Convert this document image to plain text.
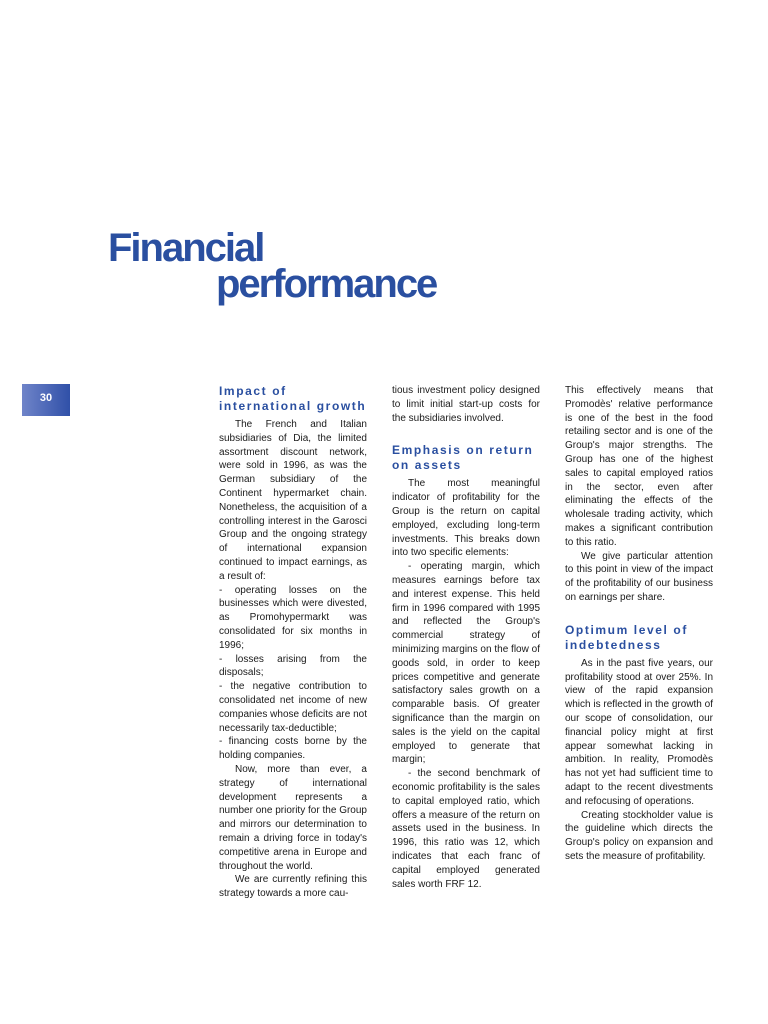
Financial
performance
30	Impact of international growth

The French and Italian subsidiaries of Dia, the limited assortment discount network, were sold in 1996, as was the German subsidiary of the Continent hypermarket chain. Nonetheless, the acquisition of a controlling interest in the Garosci Group and the ongoing strategy of international expansion continued to impact earnings, as a result of:

- operating losses on the businesses which were divested, as Promohypermarkt was consolidated for six months in 1996;

- losses arising from the disposals;

- the negative contribution to consolidated net income of new companies whose deficits are not necessarily tax-deductible;

- financing costs borne by the holding companies.

Now, more than ever, a strategy of international development represents a number one priority for the Group and mirrors our determination to remain a driving force in today's competitive arena in Europe and throughout the world.

We are currently refining this strategy towards a more cau-

tious investment policy designed to limit initial start-up costs for the subsidiaries involved.

Emphasis on return on assets

The most meaningful indicator of profitability for the Group is the return on capital employed, excluding long-term investments. This breaks down into two specific elements:

- operating margin, which measures earnings before tax and interest expense. This held firm in 1996 compared with 1995 and reflected the Group's commercial strategy of minimizing margins on the flow of goods sold, in order to keep prices competitive and generate satisfactory sales growth on a comparable basis. Of greater significance than the margin on sales is the yield on the capital employed to generate that margin;

- the second benchmark of economic profitability is the sales to capital employed ratio, which offers a measure of the return on assets used in the business. In 1996, this ratio was 12, which indicates that each franc of capital employed generated sales worth FRF 12.

This effectively means that Promodès' relative performance is one of the best in the food retailing sector and is one of the Group's major strengths. The Group has one of the highest sales to capital employed ratios in the sector, even after eliminating the effects of the wholesale trading activity, which makes a significant contribution to this ratio.

We give particular attention to this point in view of the impact of the profitability of our business on earnings per share.

Optimum level of indebtedness

As in the past five years, our profitability stood at over 25%. In view of the rapid expansion which is reflected in the growth of our scope of consolidation, our financial policy might at first appear somewhat lacking in ambition. In reality, Promodès has not yet had sufficient time to adapt to the recent divestments and refocusing of operations.

Creating stockholder value is the guideline which directs the Group's policy on expansion and sets the measure of profitability.
